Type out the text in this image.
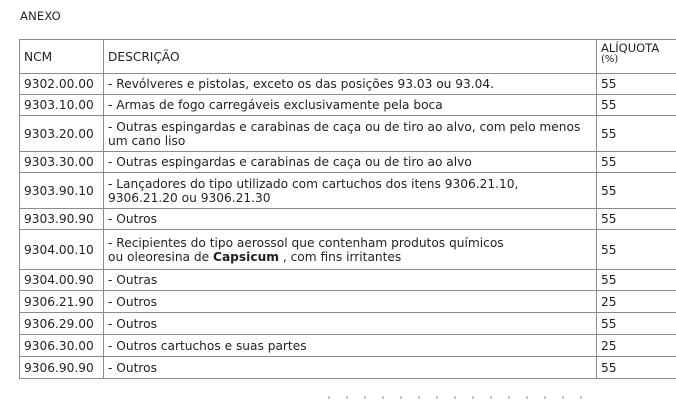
ANEXO
NCM	DESCRIÇÃO	ALÍQUOTA
(%)

9302.00.00	- Revólveres e pistolas, exceto os das posições 93.03 ou 93.04.	55
9303.10.00	- Armas de fogo carregáveis exclusivamente pela boca	55
9303.20.00	- Outras espingardas e carabinas de caça ou de tiro ao alvo, com pelo menos
um cano liso	55
9303.30.00	- Outras espingardas e carabinas de caça ou de tiro ao alvo	55
9303.90.10	- Lançadores do tipo utilizado com cartuchos dos itens 9306.21.10,
9306.21.20 ou 9306.21.30	55
9303.90.90	- Outros	55
9304.00.10	- Recipientes do tipo aerossol que contenham produtos químicos
ou oleoresina de Capsicum , com fins irritantes	55
9304.00.90	- Outras	55
9306.21.90	- Outros	25
9306.29.00	- Outros	55
9306.30.00	- Outros cartuchos e suas partes	25
9306.90.90	- Outros	55
